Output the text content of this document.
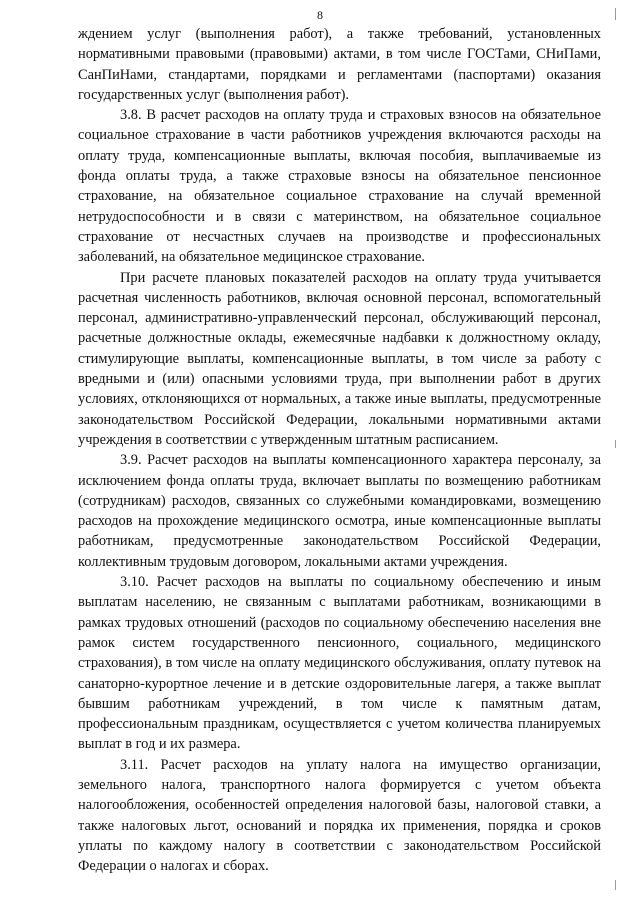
8

ждением услуг (выполнения работ), а также требований, установленных нормативными правовыми (правовыми) актами, в том числе ГОСТами, СНиПами, СанПиНами, стандартами, порядками и регламентами (паспортами) оказания государственных услуг (выполнения работ).

3.8. В расчет расходов на оплату труда и страховых взносов на обязательное социальное страхование в части работников учреждения включаются расходы на оплату труда, компенсационные выплаты, включая пособия, выплачиваемые из фонда оплаты труда, а также страховые взносы на обязательное пенсионное страхование, на обязательное социальное страхование на случай временной нетрудоспособности и в связи с материнством, на обязательное социальное страхование от несчастных случаев на производстве и профессиональных заболеваний, на обязательное медицинское страхование.

При расчете плановых показателей расходов на оплату труда учитывается расчетная численность работников, включая основной персонал, вспомогательный персонал, административно-управленческий персонал, обслуживающий персонал, расчетные должностные оклады, ежемесячные надбавки к должностному окладу, стимулирующие выплаты, компенсационные выплаты, в том числе за работу с вредными и (или) опасными условиями труда, при выполнении работ в других условиях, отклоняющихся от нормальных, а также иные выплаты, предусмотренные законодательством Российской Федерации, локальными нормативными актами учреждения в соответствии с утвержденным штатным расписанием.

3.9. Расчет расходов на выплаты компенсационного характера персоналу, за исключением фонда оплаты труда, включает выплаты по возмещению работникам (сотрудникам) расходов, связанных со служебными командировками, возмещению расходов на прохождение медицинского осмотра, иные компенсационные выплаты работникам, предусмотренные законодательством Российской Федерации, коллективным трудовым договором, локальными актами учреждения.

3.10. Расчет расходов на выплаты по социальному обеспечению и иным выплатам населению, не связанным с выплатами работникам, возникающими в рамках трудовых отношений (расходов по социальному обеспечению населения вне рамок систем государственного пенсионного, социального, медицинского страхования), в том числе на оплату медицинского обслуживания, оплату путевок на санаторно-курортное лечение и в детские оздоровительные лагеря, а также выплат бывшим работникам учреждений, в том числе к памятным датам, профессиональным праздникам, осуществляется с учетом количества планируемых выплат в год и их размера.

3.11. Расчет расходов на уплату налога на имущество организации, земельного налога, транспортного налога формируется с учетом объекта налогообложения, особенностей определения налоговой базы, налоговой ставки, а также налоговых льгот, оснований и порядка их применения, порядка и сроков уплаты по каждому налогу в соответствии с законодательством Российской Федерации о налогах и сборах.
